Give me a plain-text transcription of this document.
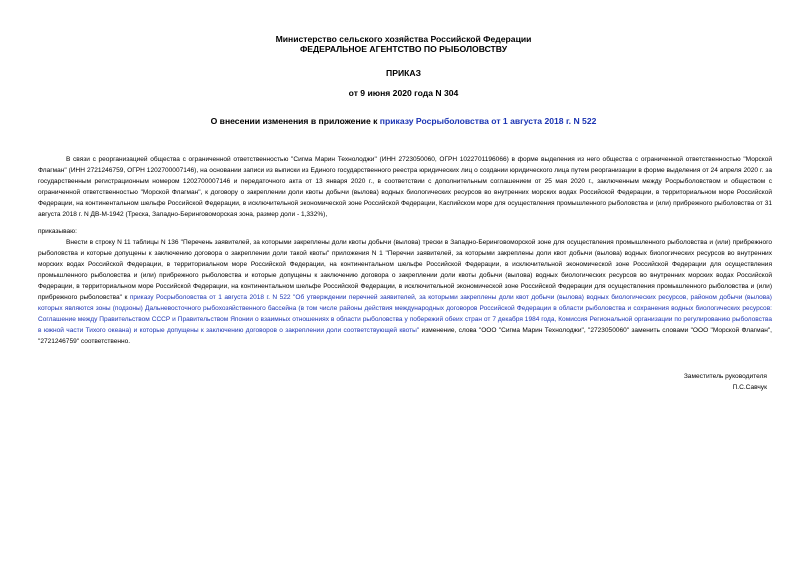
Министерство сельского хозяйства Российской Федерации
ФЕДЕРАЛЬНОЕ АГЕНТСТВО ПО РЫБОЛОВСТВУ
ПРИКАЗ
от 9 июня 2020 года N 304
О внесении изменения в приложение к приказу Росрыболовства от 1 августа 2018 г. N 522

В связи с реорганизацией общества с ограниченной ответственностью "Сигма Марин Технолоджи" (ИНН 2723050060, ОГРН 1022701196066) в форме выделения из него общества с ограниченной ответственностью "Морской Флагман" (ИНН 2721246759, ОГРН 1202700007146), на основании записи из выписки из Единого государственного реестра юридических лиц о создании юридического лица путем реорганизации в форме выделения от 24 апреля 2020 г. за государственным регистрационным номером 1202700007146 и передаточного акта от 13 января 2020 г., в соответствии с дополнительным соглашением от 25 мая 2020 г., заключенным между Росрыболовством и обществом с ограниченной ответственностью "Морской Флагман", к договору о закреплении доли квоты добычи (вылова) водных биологических ресурсов во внутренних морских водах Российской Федерации, в территориальном море Российской Федерации, на континентальном шельфе Российской Федерации, в исключительной экономической зоне Российской Федерации, Каспийском море для осуществления промышленного рыболовства и (или) прибрежного рыболовства от 31 августа 2018 г. N ДВ-М-1942 (Треска, Западно-Беринговоморская зона, размер доли - 1,332%),

приказываю:

Внести в строку N 11 таблицы N 136 "Перечень заявителей, за которыми закреплены доли квоты добычи (вылова) трески в Западно-Беринговоморской зоне для осуществления промышленного рыболовства и (или) прибрежного рыболовства и которые допущены к заключению договора о закреплении доли такой квоты" приложения N 1 "Перечни заявителей, за которыми закреплены доли квот добычи (вылова) водных биологических ресурсов во внутренних морских водах Российской Федерации, в территориальном море Российской Федерации, на континентальном шельфе Российской Федерации, в исключительной экономической зоне Российской Федерации для осуществления промышленного рыболовства и (или) прибрежного рыболовства и которые допущены к заключению договора о закреплении доли квоты добычи (вылова) водных биологических ресурсов во внутренних морских водах Российской Федерации, в территориальном море Российской Федерации, на континентальном шельфе Российской Федерации, в исключительной экономической зоне Российской Федерации для осуществления промышленного рыболовства и (или) прибрежного рыболовства" к приказу Росрыболовства от 1 августа 2018 г. N 522 "Об утверждении перечней заявителей, за которыми закреплены доли квот добычи (вылова) водных биологических ресурсов, районом добычи (вылова) которых являются зоны (подзоны) Дальневосточного рыбохозяйственного бассейна (в том числе районы действия международных договоров Российской Федерации в области рыболовства и сохранения водных биологических ресурсов: Соглашение между Правительством СССР и Правительством Японии о взаимных отношениях в области рыболовства у побережий обеих стран от 7 декабря 1984 года, Комиссия Региональной организации по регулированию рыболовства в южной части Тихого океана) и которые допущены к заключению договоров о закреплении доли соответствующей квоты" изменение, слова "ООО "Сигма Марин Технолоджи", "2723050060" заменить словами "ООО "Морской Флагман", "2721246759" соответственно.

Заместитель руководителя
П.С.Савчук
